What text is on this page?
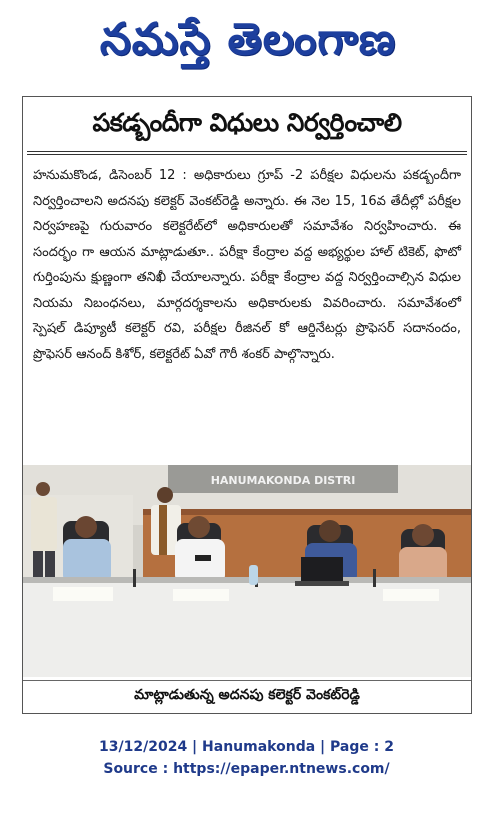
నమస్తే తెలంగాణ
పకడ్బందీగా విధులు నిర్వర్తించాలి
హనుమకొండ, డిసెంబర్ 12 : అధికారులు గ్రూప్ -2 పరీక్షల విధులను పకడ్బందీగా నిర్వర్తించాలని అదనపు కలెక్టర్ వెంకట్‌రెడ్డి అన్నారు. ఈ నెల 15, 16వ తేదీల్లో పరీక్షల నిర్వహణపై గురువారం కలెక్టరేట్‌లో అధికారులతో సమావేశం నిర్వహించారు. ఈ సందర్భం గా ఆయన మాట్లాడుతూ.. పరీక్షా కేంద్రాల వద్ద అభ్యర్థుల హాల్ టికెట్, ఫొటో గుర్తింపును క్షుణ్ణంగా తనిఖీ చేయాలన్నారు. పరీక్షా కేంద్రాల వద్ద నిర్వర్తించాల్సిన విధుల నియమ నిబంధనలు, మార్గదర్శకాలను అధికారులకు వివరించారు. సమావేశంలో స్పెషల్ డిప్యూటీ కలెక్టర్ రవి, పరీక్షల రీజినల్ కో ఆర్డినేటర్లు ప్రొఫెసర్ సదానందం, ప్రొఫెసర్ ఆనంద్ కిశోర్, కలెక్టరేట్ ఏవో గౌరీ శంకర్ పాల్గొన్నారు.
HANUMAKONDA DISTRI
మాట్లాడుతున్న అదనపు కలెక్టర్ వెంకట్‌రెడ్డి
13/12/2024 | Hanumakonda | Page : 2
Source : https://epaper.ntnews.com/
